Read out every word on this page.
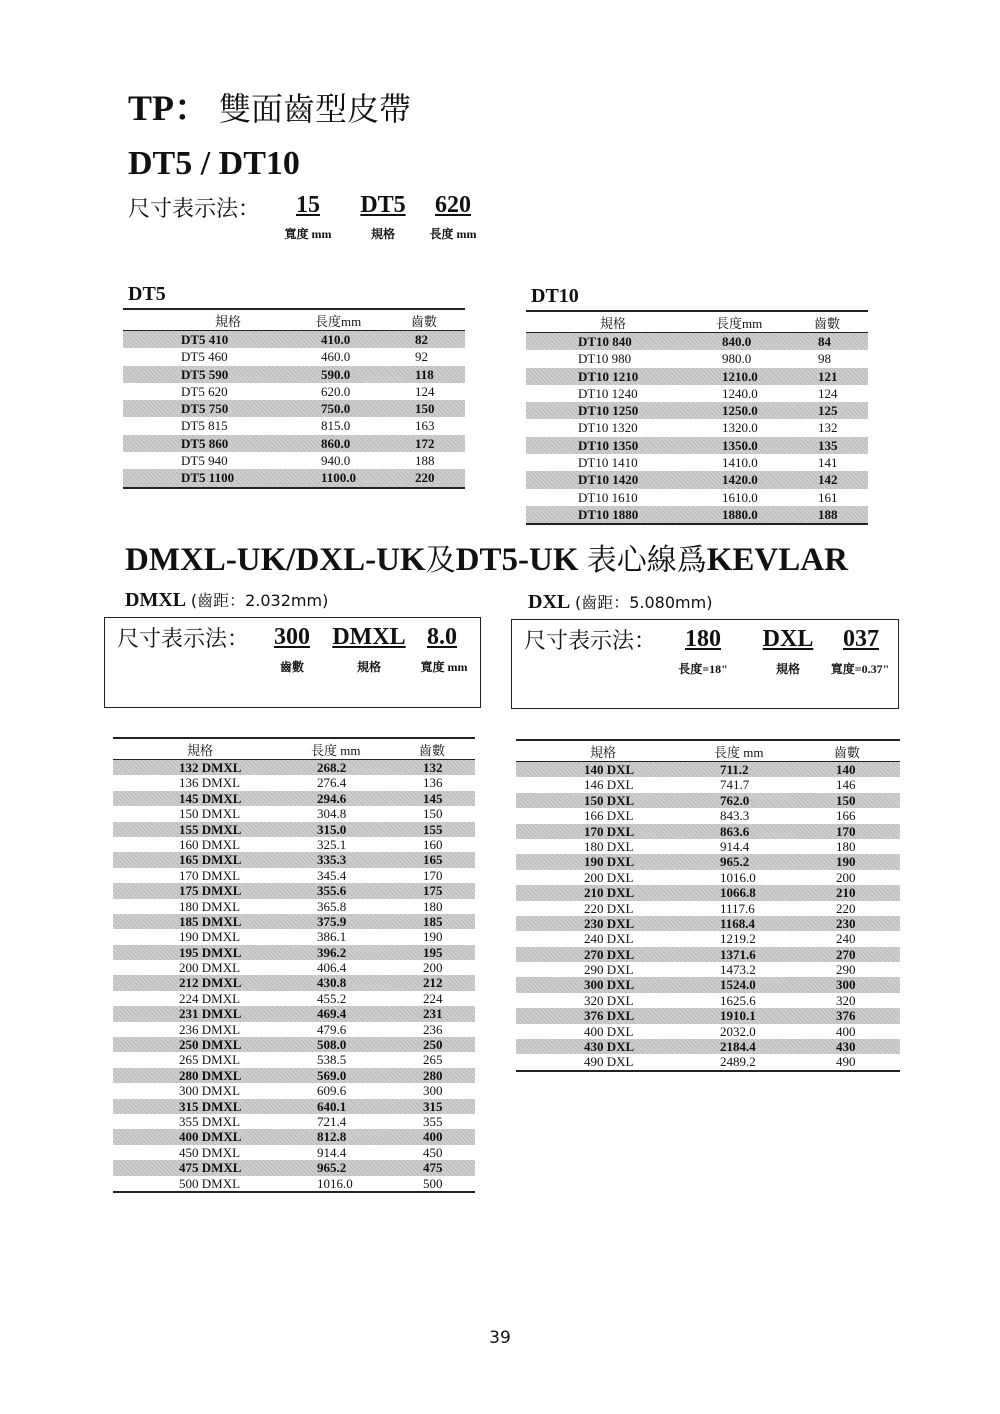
TP： 雙面齒型皮帶
DT5 / DT10
尺寸表示法：	15	DT5	620
寬度 mm	規格	長度 mm
DT5
規格	長度mm	齒數
DT5 410	410.0	82
DT5 460	460.0	92
DT5 590	590.0	118
DT5 620	620.0	124
DT5 750	750.0	150
DT5 815	815.0	163
DT5 860	860.0	172
DT5 940	940.0	188
DT5 1100	1100.0	220
DT10
規格	長度mm	齒數
DT10 840	840.0	84
DT10 980	980.0	98
DT10 1210	1210.0	121
DT10 1240	1240.0	124
DT10 1250	1250.0	125
DT10 1320	1320.0	132
DT10 1350	1350.0	135
DT10 1410	1410.0	141
DT10 1420	1420.0	142
DT10 1610	1610.0	161
DT10 1880	1880.0	188
DMXL-UK/DXL-UK及DT5-UK 表心線爲KEVLAR
DMXL (齒距：2.032mm)	DXL (齒距：5.080mm)
尺寸表示法： 300 DMXL 8.0
齒數	規格	寬度 mm
尺寸表示法： 180 DXL 037
長度=18"	規格	寬度=0.37"
規格	長度 mm	齒數
132 DMXL	268.2	132
136 DMXL	276.4	136
145 DMXL	294.6	145
150 DMXL	304.8	150
155 DMXL	315.0	155
160 DMXL	325.1	160
165 DMXL	335.3	165
170 DMXL	345.4	170
175 DMXL	355.6	175
180 DMXL	365.8	180
185 DMXL	375.9	185
190 DMXL	386.1	190
195 DMXL	396.2	195
200 DMXL	406.4	200
212 DMXL	430.8	212
224 DMXL	455.2	224
231 DMXL	469.4	231
236 DMXL	479.6	236
250 DMXL	508.0	250
265 DMXL	538.5	265
280 DMXL	569.0	280
300 DMXL	609.6	300
315 DMXL	640.1	315
355 DMXL	721.4	355
400 DMXL	812.8	400
450 DMXL	914.4	450
475 DMXL	965.2	475
500 DMXL	1016.0	500
規格	長度 mm	齒數
140 DXL	711.2	140
146 DXL	741.7	146
150 DXL	762.0	150
166 DXL	843.3	166
170 DXL	863.6	170
180 DXL	914.4	180
190 DXL	965.2	190
200 DXL	1016.0	200
210 DXL	1066.8	210
220 DXL	1117.6	220
230 DXL	1168.4	230
240 DXL	1219.2	240
270 DXL	1371.6	270
290 DXL	1473.2	290
300 DXL	1524.0	300
320 DXL	1625.6	320
376 DXL	1910.1	376
400 DXL	2032.0	400
430 DXL	2184.4	430
490 DXL	2489.2	490
39
